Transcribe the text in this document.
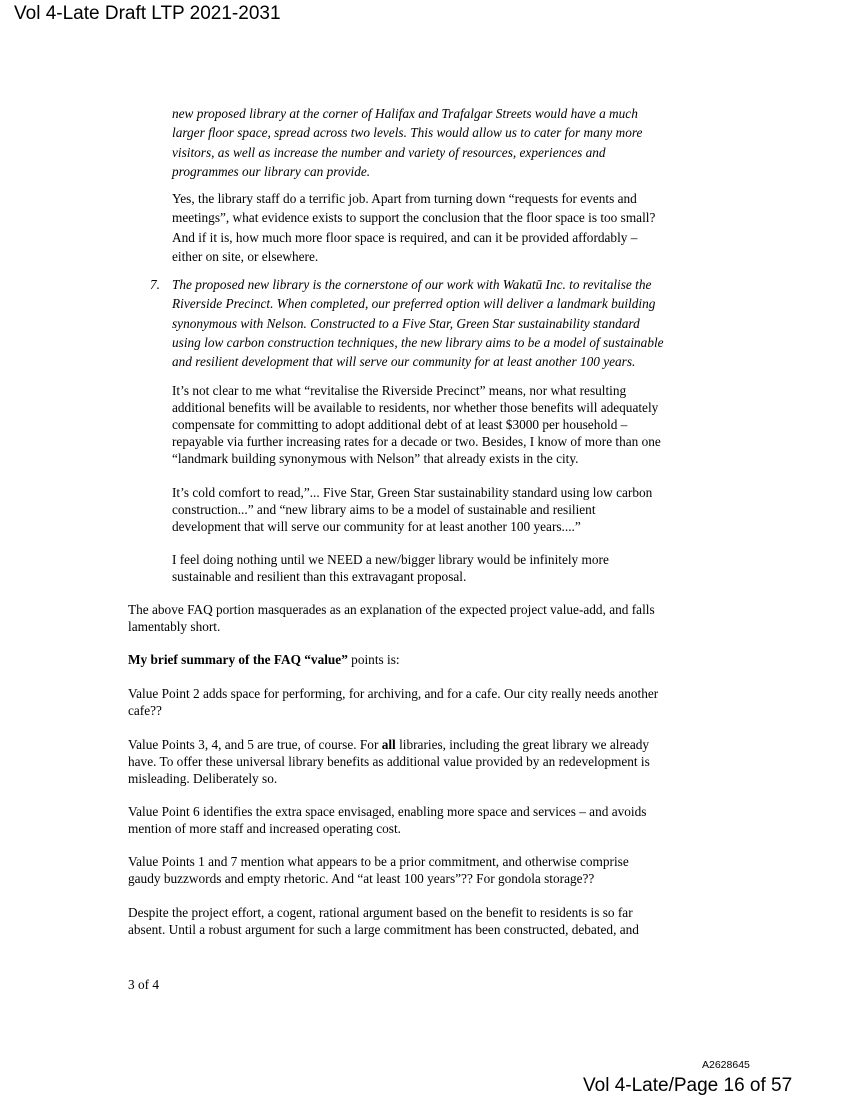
Vol 4-Late Draft LTP 2021-2031
new proposed library at the corner of Halifax and Trafalgar Streets would have a much
larger floor space, spread across two levels. This would allow us to cater for many more
visitors, as well as increase the number and variety of resources, experiences and
programmes our library can provide.
Yes, the library staff do a terrific job. Apart from turning down “requests for events and
meetings”, what evidence exists to support the conclusion that the floor space is too small?
And if it is, how much more floor space is required, and can it be provided affordably –
either on site, or elsewhere.
7. The proposed new library is the cornerstone of our work with Wakatū Inc. to revitalise the
Riverside Precinct. When completed, our preferred option will deliver a landmark building
synonymous with Nelson. Constructed to a Five Star, Green Star sustainability standard
using low carbon construction techniques, the new library aims to be a model of sustainable
and resilient development that will serve our community for at least another 100 years.
It’s not clear to me what “revitalise the Riverside Precinct” means, nor what resulting
additional benefits will be available to residents, nor whether those benefits will adequately
compensate for committing to adopt additional debt of at least $3000 per household –
repayable via further increasing rates for a decade or two. Besides, I know of more than one
“landmark building synonymous with Nelson” that already exists in the city.
It’s cold comfort to read,”... Five Star, Green Star sustainability standard using low carbon
construction...” and “new library aims to be a model of sustainable and resilient
development that will serve our community for at least another 100 years....”
I feel doing nothing until we NEED a new/bigger library would be infinitely more
sustainable and resilient than this extravagant proposal.
The above FAQ portion masquerades as an explanation of the expected project value-add, and falls
lamentably short.
My brief summary of the FAQ “value” points is:
Value Point 2 adds space for performing, for archiving, and for a cafe. Our city really needs another
cafe??
Value Points 3, 4, and 5 are true, of course. For all libraries, including the great library we already
have. To offer these universal library benefits as additional value provided by an redevelopment is
misleading. Deliberately so.
Value Point 6 identifies the extra space envisaged, enabling more space and services – and avoids
mention of more staff and increased operating cost.
Value Points 1 and 7 mention what appears to be a prior commitment, and otherwise comprise
gaudy buzzwords and empty rhetoric. And “at least 100 years”?? For gondola storage??
Despite the project effort, a cogent, rational argument based on the benefit to residents is so far
absent. Until a robust argument for such a large commitment has been constructed, debated, and
3 of 4
A2628645
Vol 4-Late/Page 16 of 57
